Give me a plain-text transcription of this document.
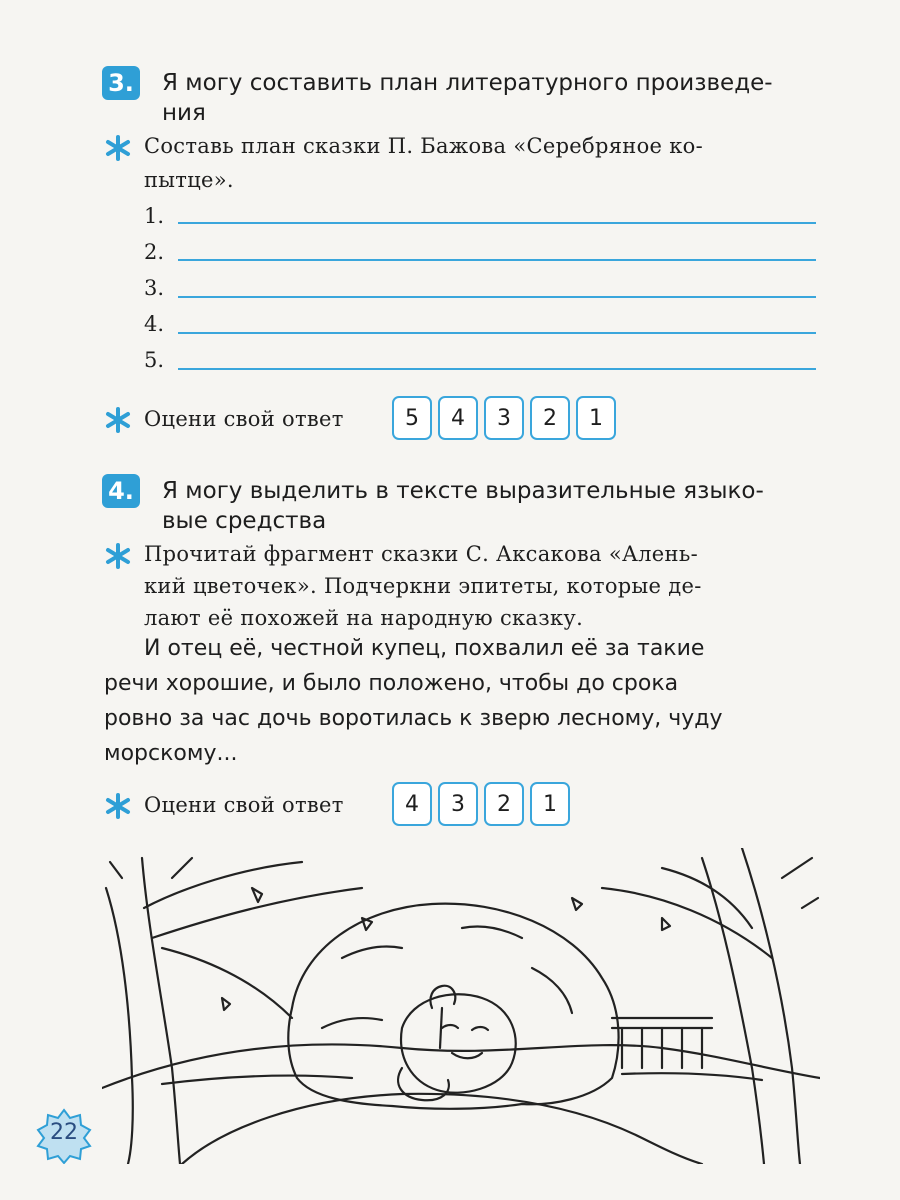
3. Я могу составить план литературного произведе-
ния
Составь план сказки П. Бажова «Серебряное ко-
пытце».
1.
2.
3.
4.
5.
Оцени свой ответ	5	4	3	2	1
4. Я могу выделить в тексте выразительные языко-
вые средства
Прочитай фрагмент сказки С. Аксакова «Алень-
кий цветочек». Подчеркни эпитеты, которые де-
лают её похожей на народную сказку.
И отец её, честной купец, похвалил её за такие
речи хорошие, и было положено, чтобы до срока
ровно за час дочь воротилась к зверю лесному, чуду
морскому...
Оцени свой ответ	4	3	2	1
22
